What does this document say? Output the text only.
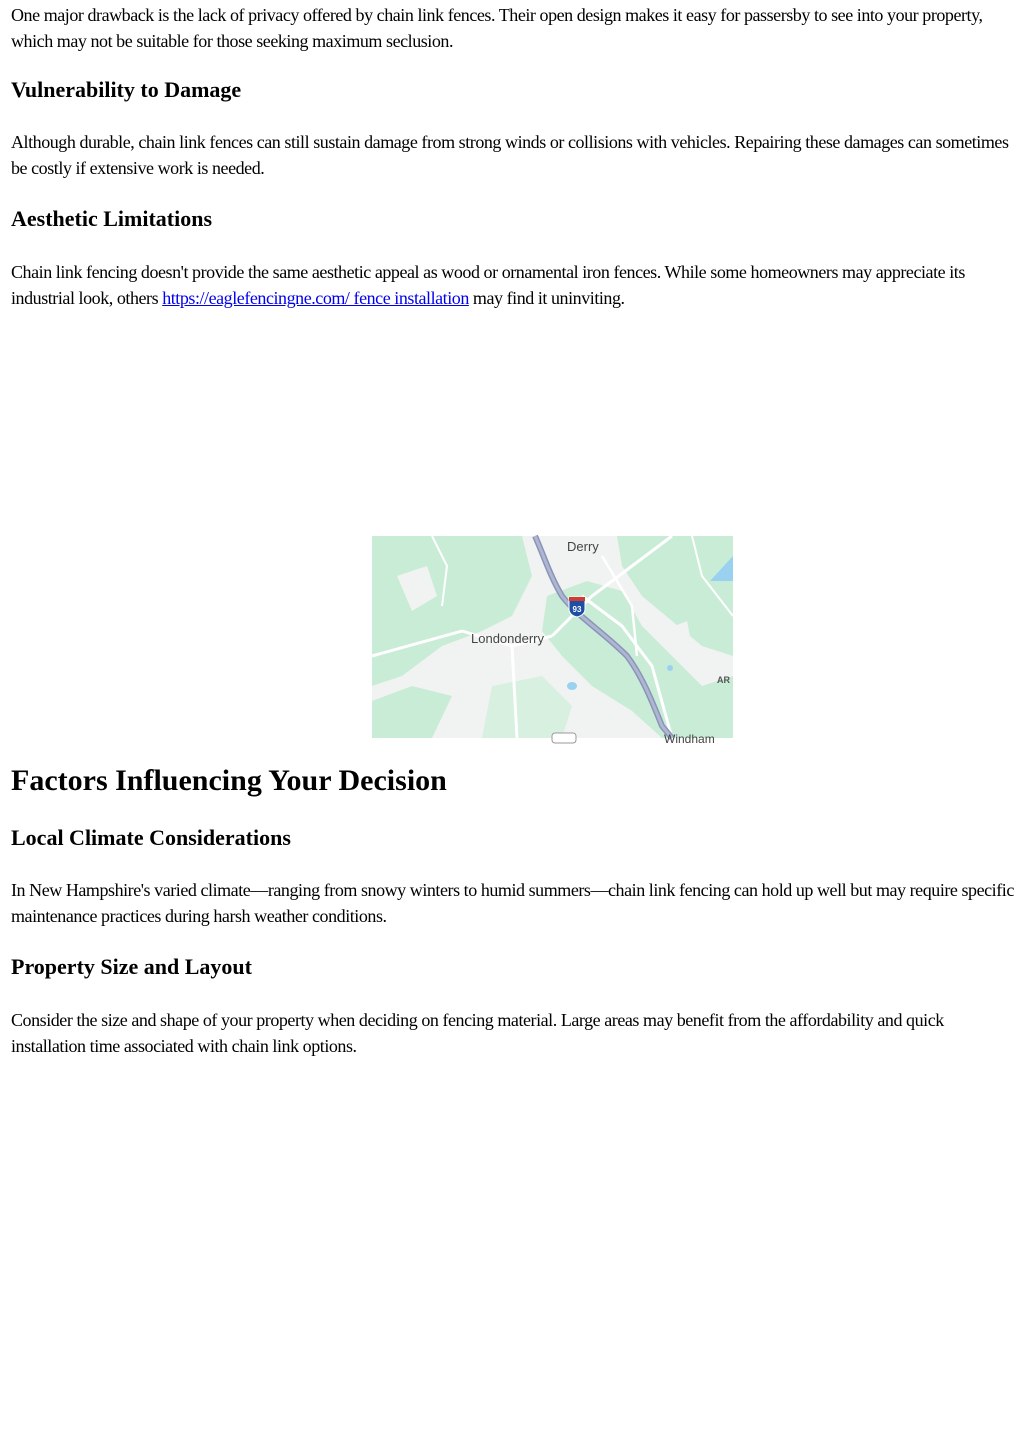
One major drawback is the lack of privacy offered by chain link fences. Their open design makes it easy for passersby to see into your property, which may not be suitable for those seeking maximum seclusion.

Vulnerability to Damage

Although durable, chain link fences can still sustain damage from strong winds or collisions with vehicles. Repairing these damages can sometimes be costly if extensive work is needed.

Aesthetic Limitations

Chain link fencing doesn't provide the same aesthetic appeal as wood or ornamental iron fences. While some homeowners may appreciate its industrial look, others https://eaglefencingne.com/ fence installation may find it uninviting.

Factors Influencing Your Decision
Local Climate Considerations

In New Hampshire's varied climate—ranging from snowy winters to humid summers—chain link fencing can hold up well but may require specific maintenance practices during harsh weather conditions.

Property Size and Layout

Consider the size and shape of your property when deciding on fencing material. Large areas may benefit from the affordability and quick installation time associated with chain link options.

93
Derry
Londonderry
AR
Windham
